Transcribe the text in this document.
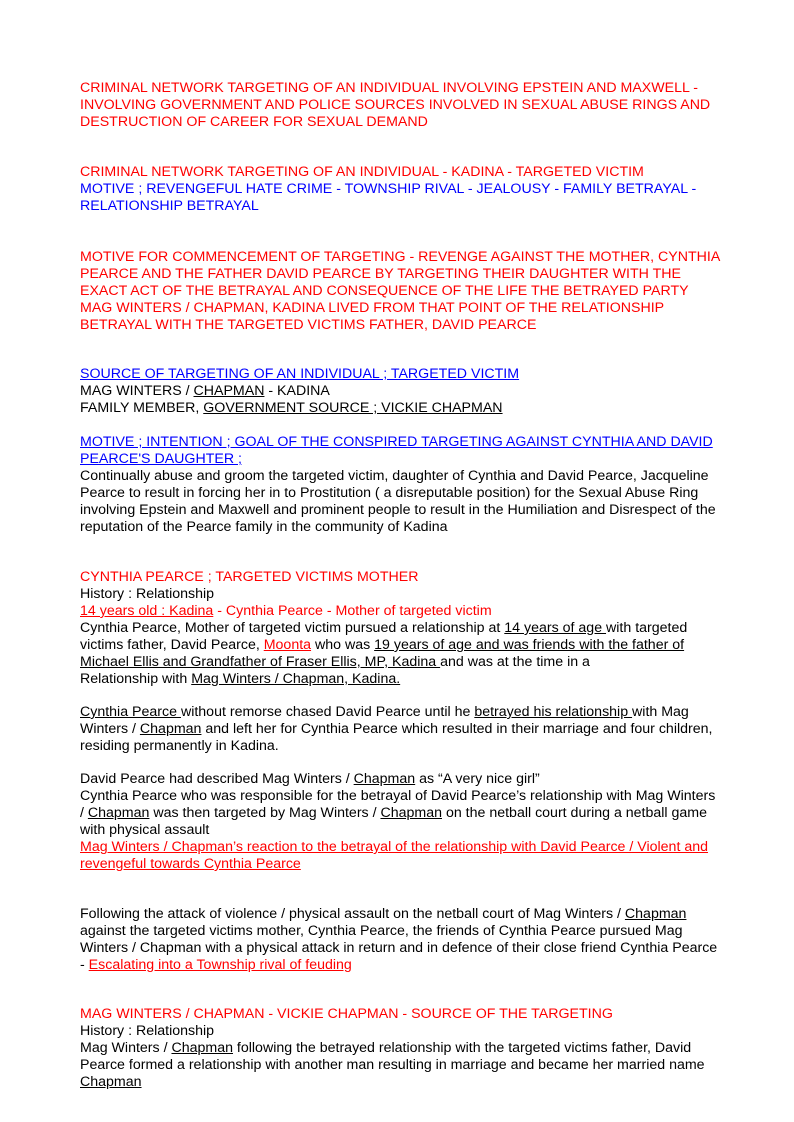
CRIMINAL NETWORK TARGETING OF AN INDIVIDUAL INVOLVING EPSTEIN AND MAXWELL - INVOLVING GOVERNMENT AND POLICE SOURCES INVOLVED IN SEXUAL ABUSE RINGS AND DESTRUCTION OF CAREER FOR SEXUAL DEMAND
CRIMINAL NETWORK TARGETING OF AN INDIVIDUAL - KADINA - TARGETED VICTIM
MOTIVE ; REVENGEFUL HATE CRIME - TOWNSHIP RIVAL - JEALOUSY - FAMILY BETRAYAL - RELATIONSHIP BETRAYAL
MOTIVE FOR COMMENCEMENT OF TARGETING - REVENGE AGAINST THE MOTHER, CYNTHIA PEARCE AND THE FATHER DAVID PEARCE BY TARGETING THEIR DAUGHTER WITH THE EXACT ACT OF THE BETRAYAL AND CONSEQUENCE OF THE LIFE THE BETRAYED PARTY MAG WINTERS / CHAPMAN, KADINA LIVED FROM THAT POINT OF THE RELATIONSHIP BETRAYAL WITH THE TARGETED VICTIMS FATHER, DAVID PEARCE
SOURCE OF TARGETING OF AN INDIVIDUAL ; TARGETED VICTIM
MAG WINTERS / CHAPMAN - KADINA
FAMILY MEMBER, GOVERNMENT SOURCE ; VICKIE CHAPMAN
MOTIVE ; INTENTION ; GOAL OF THE CONSPIRED TARGETING AGAINST CYNTHIA AND DAVID PEARCE'S DAUGHTER ;
Continually abuse and groom the targeted victim, daughter of Cynthia and David Pearce, Jacqueline Pearce to result in forcing her in to Prostitution ( a disreputable position) for the Sexual Abuse Ring involving Epstein and Maxwell and prominent people to result in the Humiliation and Disrespect of the reputation of the Pearce family in the community of Kadina
CYNTHIA PEARCE ; TARGETED VICTIMS MOTHER
History : Relationship
14 years old : Kadina - Cynthia Pearce - Mother of targeted victim
Cynthia Pearce, Mother of targeted victim pursued a relationship at 14 years of age with targeted victims father, David Pearce, Moonta who was 19 years of age and was friends with the father of Michael Ellis and Grandfather of Fraser Ellis, MP, Kadina and was at the time in a
Relationship with Mag Winters / Chapman, Kadina.
Cynthia Pearce without remorse chased David Pearce until he betrayed his relationship with Mag Winters / Chapman and left her for Cynthia Pearce which resulted in their marriage and four children, residing permanently in Kadina.
David Pearce had described Mag Winters / Chapman as “A very nice girl”
Cynthia Pearce who was responsible for the betrayal of David Pearce’s relationship with Mag Winters / Chapman was then targeted by Mag Winters / Chapman on the netball court during a netball game with physical assault
Mag Winters / Chapman’s reaction to the betrayal of the relationship with David Pearce / Violent and revengeful towards Cynthia Pearce
Following the attack of violence / physical assault on the netball court of Mag Winters / Chapman against the targeted victims mother, Cynthia Pearce, the friends of Cynthia Pearce pursued Mag Winters / Chapman with a physical attack in return and in defence of their close friend Cynthia Pearce - Escalating into a Township rival of feuding
MAG WINTERS / CHAPMAN - VICKIE CHAPMAN - SOURCE OF THE TARGETING
History : Relationship
Mag Winters / Chapman following the betrayed relationship with the targeted victims father, David Pearce formed a relationship with another man resulting in marriage and became her married name Chapman
